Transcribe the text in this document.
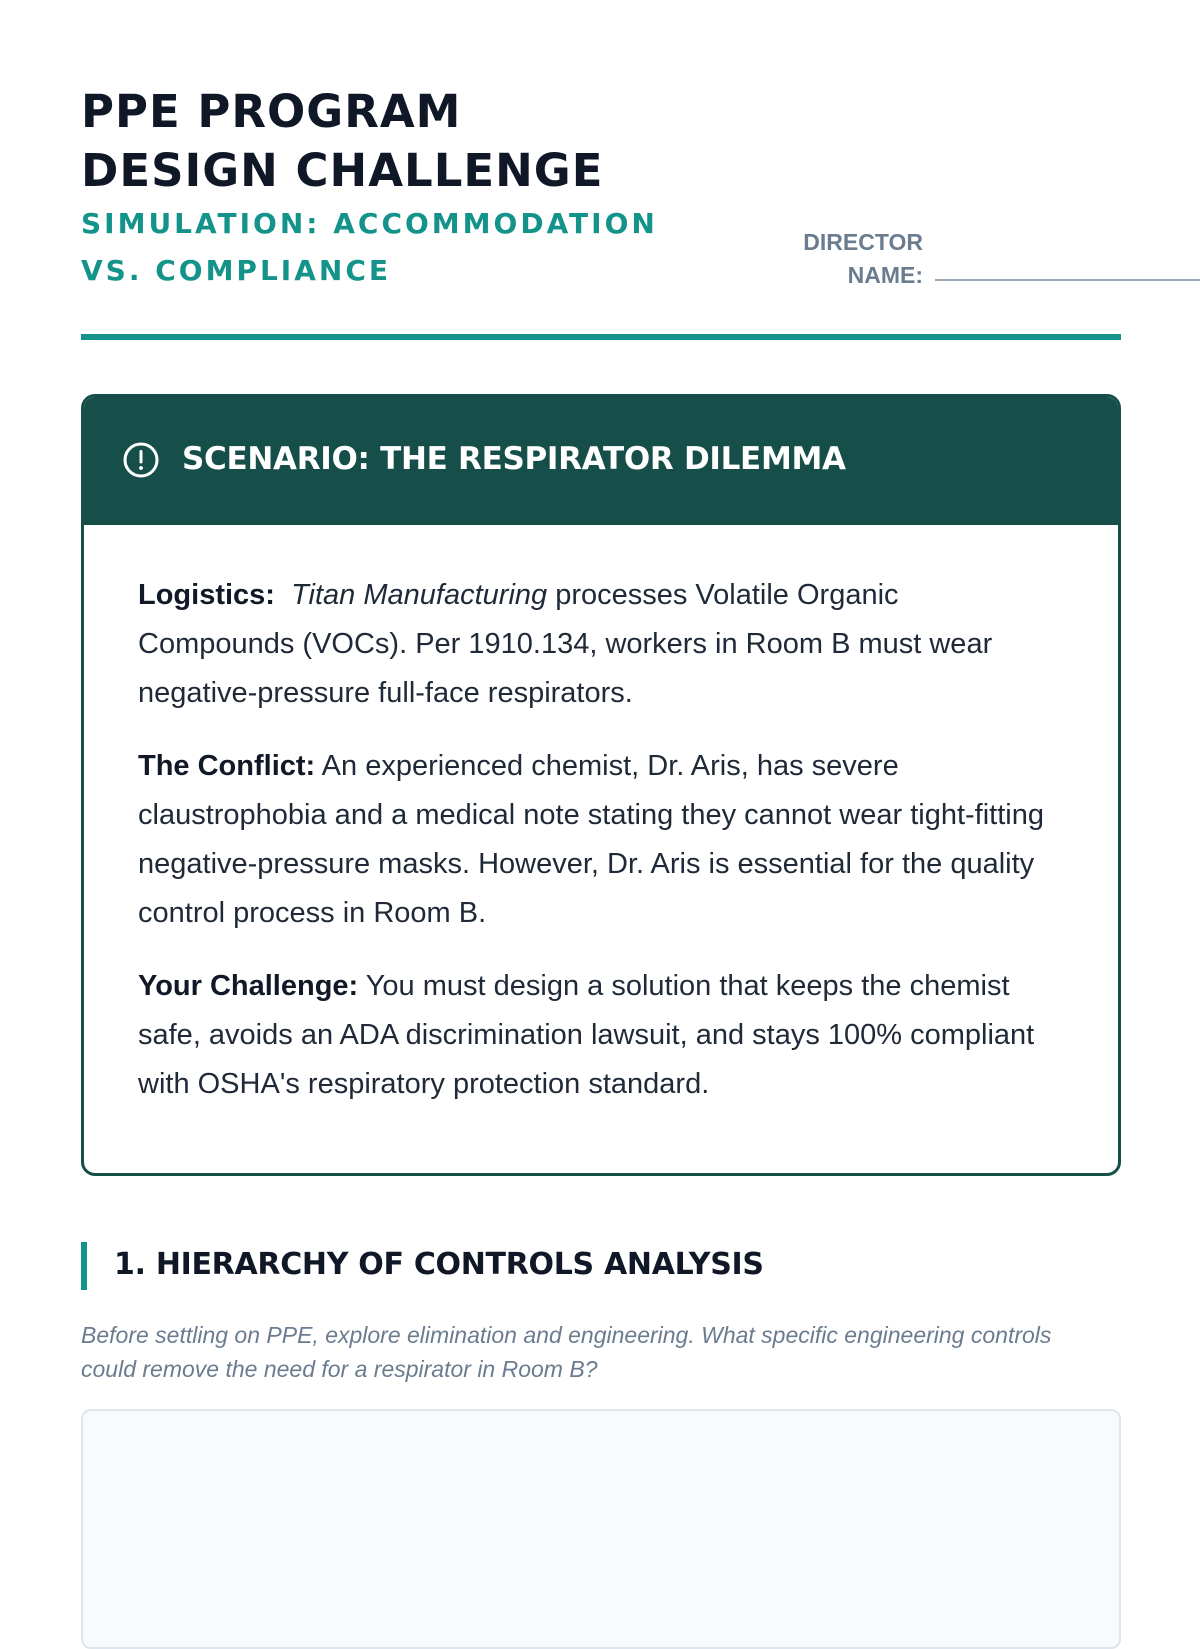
PPE PROGRAM
DESIGN CHALLENGE
SIMULATION: ACCOMMODATION
VS. COMPLIANCE
DIRECTOR
NAME:
SCENARIO: THE RESPIRATOR DILEMMA

Logistics: Titan Manufacturing processes Volatile Organic Compounds (VOCs). Per 1910.134, workers in Room B must wear negative-pressure full-face respirators.

The Conflict: An experienced chemist, Dr. Aris, has severe claustrophobia and a medical note stating they cannot wear tight-fitting negative-pressure masks. However, Dr. Aris is essential for the quality control process in Room B.

Your Challenge: You must design a solution that keeps the chemist safe, avoids an ADA discrimination lawsuit, and stays 100% compliant with OSHA's respiratory protection standard.

1. HIERARCHY OF CONTROLS ANALYSIS

Before settling on PPE, explore elimination and engineering. What specific engineering controls could remove the need for a respirator in Room B?
